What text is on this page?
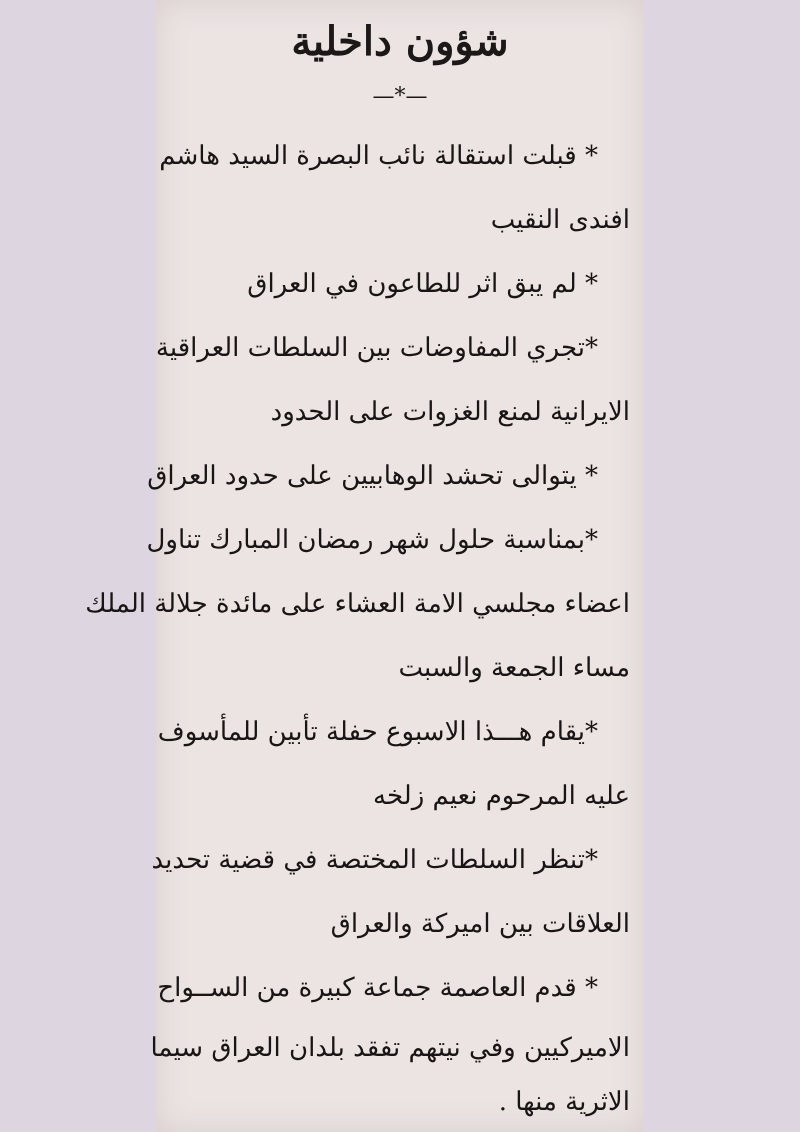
شؤون داخلية
—*—
* قبلت استقالة نائب البصرة السيد هاشم
افندى النقيب
* لم يبق اثر للطاعون في العراق
*تجري المفاوضات بين السلطات العراقية
الايرانية لمنع الغزوات على الحدود
* يتوالى تحشد الوهابيين على حدود العراق
*بمناسبة حلول شهر رمضان المبارك تناول
اعضاء مجلسي الامة العشاء على مائدة جلالة الملك
مساء الجمعة والسبت
*يقام هـــذا الاسبوع حفلة تأبين للمأسوف
عليه المرحوم نعيم زلخه
*تنظر السلطات المختصة في قضية تحديد
العلاقات بين اميركة والعراق
* قدم العاصمة جماعة كبيرة من الســواح
الاميركيين وفي نيتهم تفقد بلدان العراق سيما
الاثرية منها .
